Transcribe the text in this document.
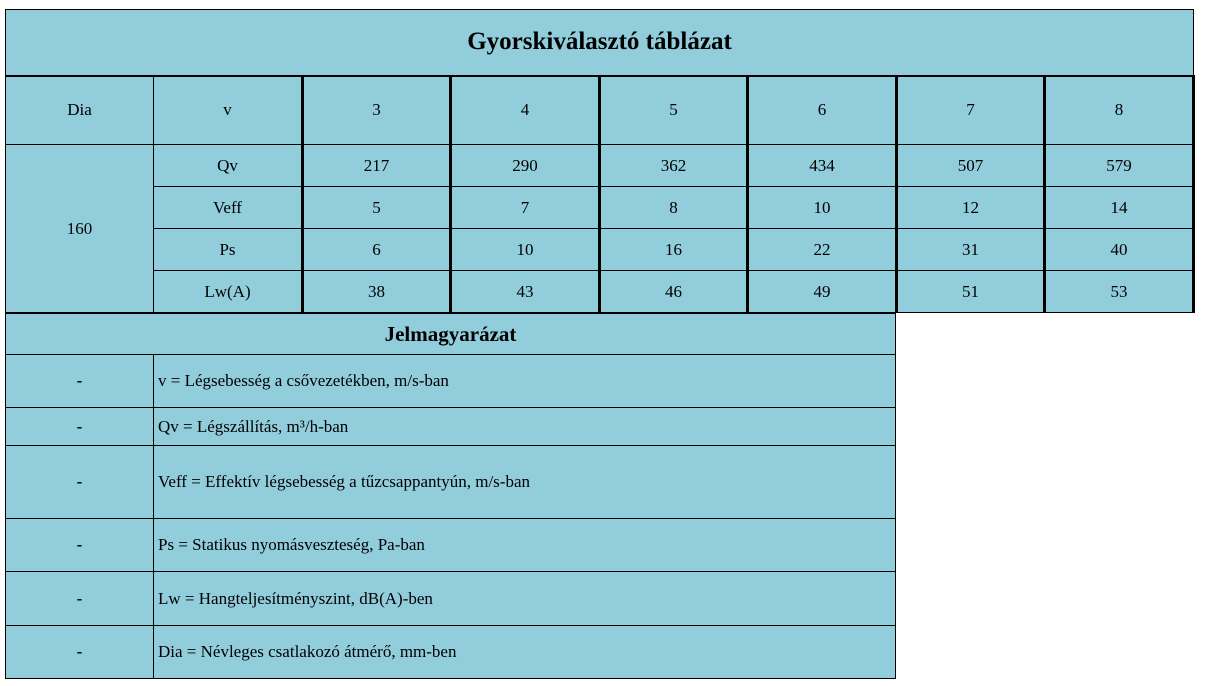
Gyorskiválasztó táblázat							
Dia	v	3	4	5	6	7	8
160	Qv	217	290	362	434	507	579
	Veff	5	7	8	10	12	14
	Ps	6	10	16	22	31	40
	Lw(A)	38	43	46	49	51	53
Jelmagyarázat	
-	v = Légsebesség a csővezetékben, m/s-ban
-	Qv = Légszállítás, m³/h-ban
-	Veff = Effektív légsebesség a tűzcsappantyún, m/s-ban
-	Ps = Statikus nyomásveszteség, Pa-ban
-	Lw = Hangteljesítményszint, dB(A)-ben
-	Dia = Névleges csatlakozó átmérő, mm-ben
